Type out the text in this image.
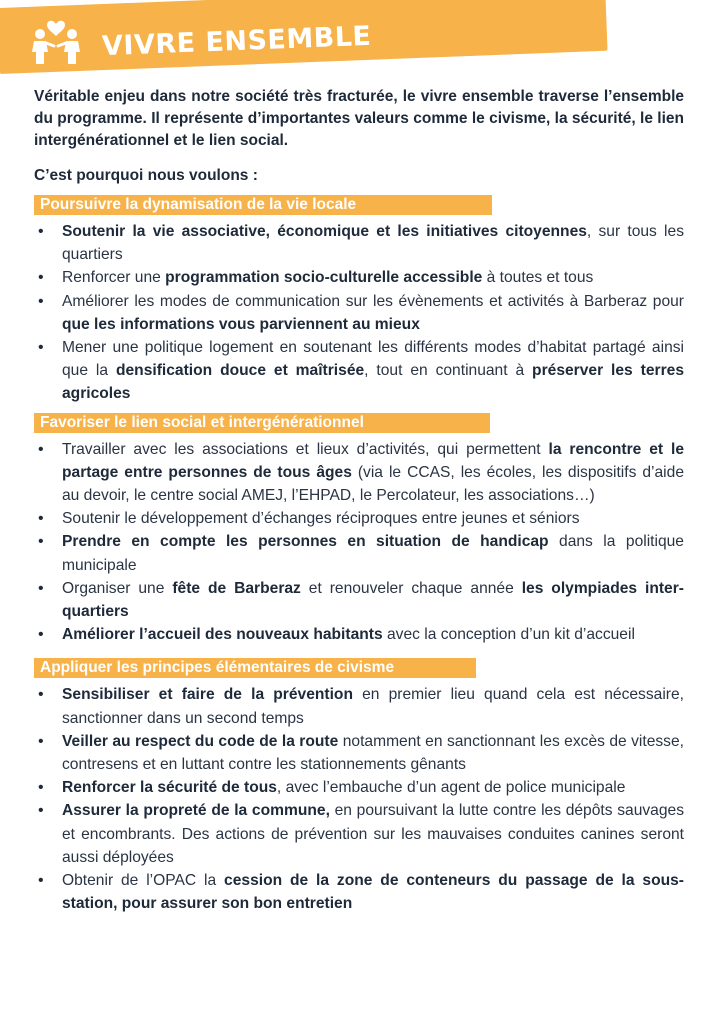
VIVRE ENSEMBLE

Véritable enjeu dans notre société très fracturée, le vivre ensemble traverse l’ensemble du programme. Il représente d’importantes valeurs comme le civisme, la sécurité, le lien intergénérationnel et le lien social.

C’est pourquoi nous voulons :

Poursuivre la dynamisation de la vie locale
• Soutenir la vie associative, économique et les initiatives citoyennes, sur tous les quartiers
• Renforcer une programmation socio-culturelle accessible à toutes et tous
• Améliorer les modes de communication sur les évènements et activités à Barberaz pour que les informations vous parviennent au mieux
• Mener une politique logement en soutenant les différents modes d’habitat partagé ainsi que la densification douce et maîtrisée, tout en continuant à préserver les terres agricoles
Favoriser le lien social et intergénérationnel
• Travailler avec les associations et lieux d’activités, qui permettent la rencontre et le partage entre personnes de tous âges (via le CCAS, les écoles, les dispositifs d’aide au devoir, le centre social AMEJ, l’EHPAD, le Percolateur, les associations…)
• Soutenir le développement d’échanges réciproques entre jeunes et séniors
• Prendre en compte les personnes en situation de handicap dans la politique municipale
• Organiser une fête de Barberaz et renouveler chaque année les olympiades inter-quartiers
• Améliorer l’accueil des nouveaux habitants avec la conception d’un kit d’accueil
Appliquer les principes élémentaires de civisme
• Sensibiliser et faire de la prévention en premier lieu quand cela est nécessaire, sanctionner dans un second temps
• Veiller au respect du code de la route notamment en sanctionnant les excès de vitesse, contresens et en luttant contre les stationnements gênants
• Renforcer la sécurité de tous, avec l’embauche d’un agent de police municipale
• Assurer la propreté de la commune, en poursuivant la lutte contre les dépôts sauvages et encombrants. Des actions de prévention sur les mauvaises conduites canines seront aussi déployées
• Obtenir de l’OPAC la cession de la zone de conteneurs du passage de la sous-station, pour assurer son bon entretien
